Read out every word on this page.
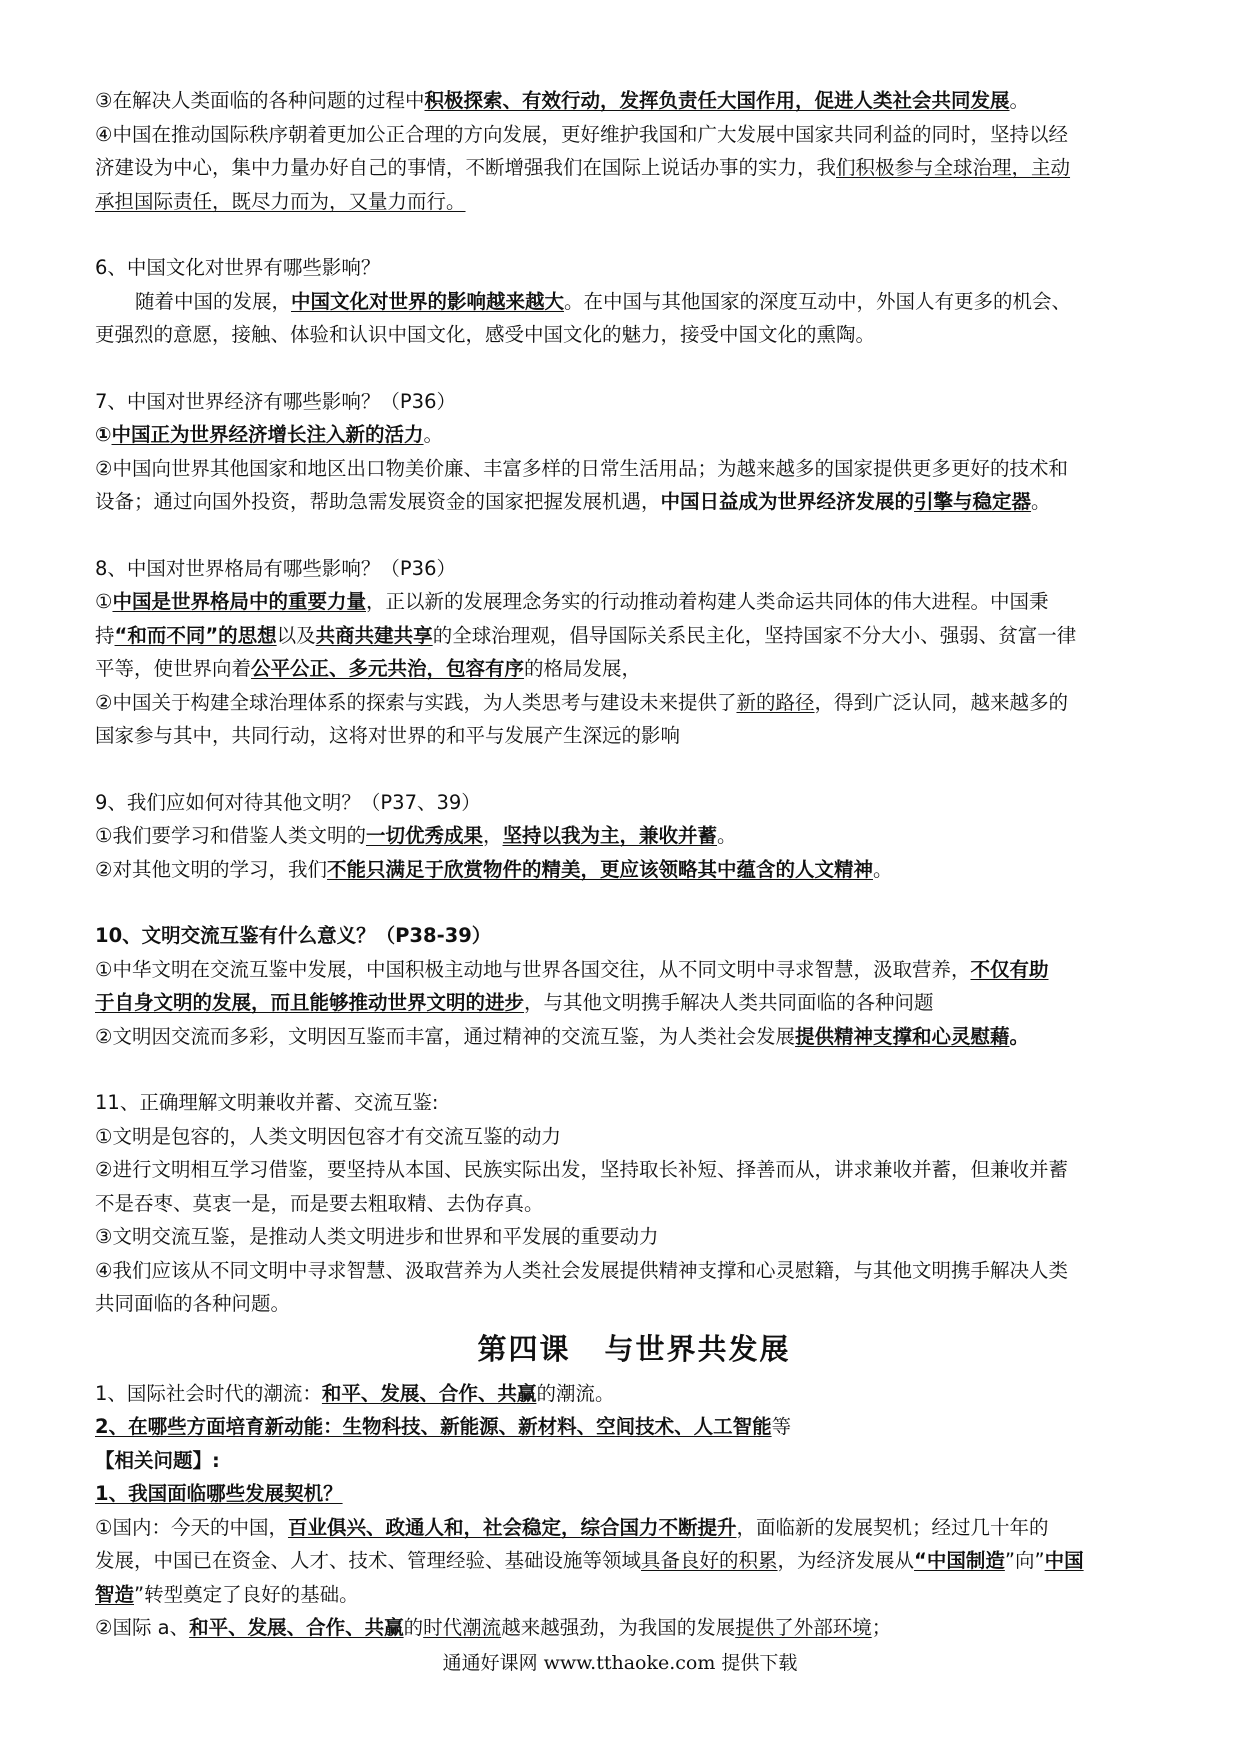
③在解决人类面临的各种问题的过程中积极探索、有效行动，发挥负责任大国作用，促进人类社会共同发展。
④中国在推动国际秩序朝着更加公正合理的方向发展，更好维护我国和广大发展中国家共同利益的同时，坚持以经
济建设为中心，集中力量办好自己的事情，不断增强我们在国际上说话办事的实力，我们积极参与全球治理，主动
承担国际责任，既尽力而为，又量力而行。
6、中国文化对世界有哪些影响？
随着中国的发展，中国文化对世界的影响越来越大。在中国与其他国家的深度互动中，外国人有更多的机会、
更强烈的意愿，接触、体验和认识中国文化，感受中国文化的魅力，接受中国文化的熏陶。
7、中国对世界经济有哪些影响？（P36）
①中国正为世界经济增长注入新的活力。
②中国向世界其他国家和地区出口物美价廉、丰富多样的日常生活用品；为越来越多的国家提供更多更好的技术和
设备；通过向国外投资，帮助急需发展资金的国家把握发展机遇，中国日益成为世界经济发展的引擎与稳定器。
8、中国对世界格局有哪些影响？（P36）
①中国是世界格局中的重要力量，正以新的发展理念务实的行动推动着构建人类命运共同体的伟大进程。中国秉
持“和而不同”的思想以及共商共建共享的全球治理观，倡导国际关系民主化，坚持国家不分大小、强弱、贫富一律
平等，使世界向着公平公正、多元共治，包容有序的格局发展，
②中国关于构建全球治理体系的探索与实践，为人类思考与建设未来提供了新的路径，得到广泛认同，越来越多的
国家参与其中，共同行动，这将对世界的和平与发展产生深远的影响
9、我们应如何对待其他文明？（P37、39）
①我们要学习和借鉴人类文明的一切优秀成果，坚持以我为主，兼收并蓄。
②对其他文明的学习，我们不能只满足于欣赏物件的精美，更应该领略其中蕴含的人文精神。
10、文明交流互鉴有什么意义？（P38-39）
①中华文明在交流互鉴中发展，中国积极主动地与世界各国交往，从不同文明中寻求智慧，汲取营养，不仅有助
于自身文明的发展，而且能够推动世界文明的进步，与其他文明携手解决人类共同面临的各种问题
②文明因交流而多彩，文明因互鉴而丰富，通过精神的交流互鉴，为人类社会发展提供精神支撑和心灵慰藉。
11、正确理解文明兼收并蓄、交流互鉴:
①文明是包容的，人类文明因包容才有交流互鉴的动力
②进行文明相互学习借鉴，要坚持从本国、民族实际出发，坚持取长补短、择善而从，讲求兼收并蓄，但兼收并蓄
不是吞枣、莫衷一是，而是要去粗取精、去伪存真。
③文明交流互鉴，是推动人类文明进步和世界和平发展的重要动力
④我们应该从不同文明中寻求智慧、汲取营养为人类社会发展提供精神支撑和心灵慰籍，与其他文明携手解决人类
共同面临的各种问题。
第四课 与世界共发展
1、国际社会时代的潮流：和平、发展、合作、共赢的潮流。
2、在哪些方面培育新动能：生物科技、新能源、新材料、空间技术、人工智能等
【相关问题】:
1、我国面临哪些发展契机？
①国内：今天的中国，百业俱兴、政通人和，社会稳定，综合国力不断提升，面临新的发展契机；经过几十年的
发展，中国已在资金、人才、技术、管理经验、基础设施等领域具备良好的积累，为经济发展从“中国制造”向”中国
智造”转型奠定了良好的基础。
②国际 a、和平、发展、合作、共赢的时代潮流越来越强劲，为我国的发展提供了外部环境；
通通好课网 www.tthaoke.com 提供下载
